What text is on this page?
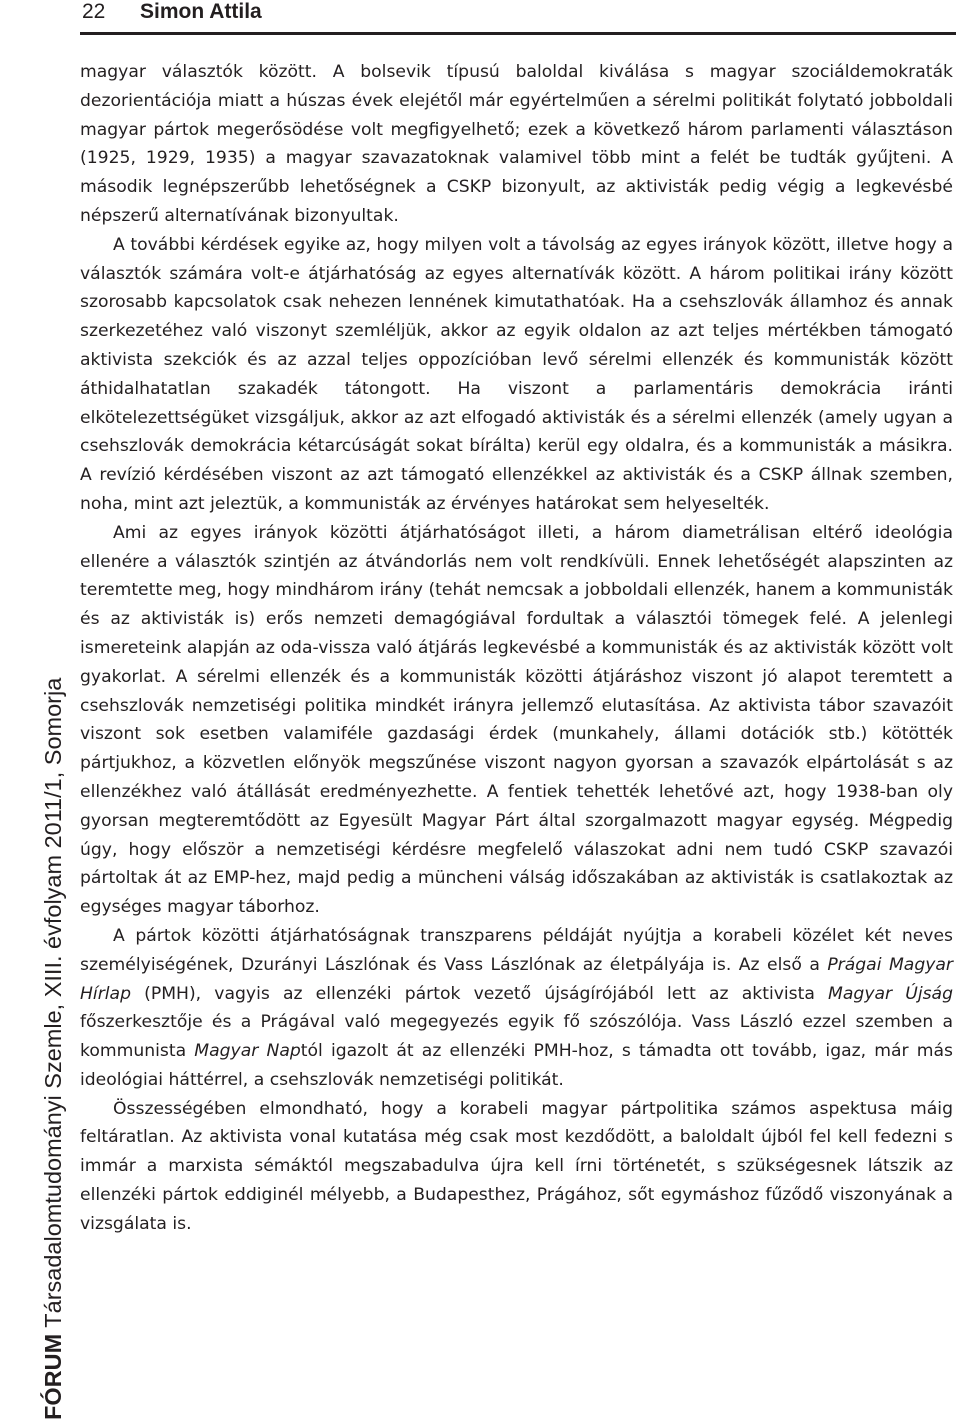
22 Simon Attila
FÓRUM Társadalomtudományi Szemle, XIII. évfolyam 2011/1, Somorja

magyar választók között. A bolsevik típusú baloldal kiválása s magyar szociáldemokraták dezorientációja miatt a húszas évek elejétől már egyértelműen a sérelmi politikát folytató jobboldali magyar pártok megerősödése volt megfigyelhető; ezek a következő három parlamenti választáson (1925, 1929, 1935) a magyar szavazatoknak valamivel több mint a felét be tudták gyűjteni. A második legnépszerűbb lehetőségnek a CSKP bizonyult, az aktivisták pedig végig a legkevésbé népszerű alternatívának bizonyultak.

A további kérdések egyike az, hogy milyen volt a távolság az egyes irányok között, illetve hogy a választók számára volt-e átjárhatóság az egyes alternatívák között. A három politikai irány között szorosabb kapcsolatok csak nehezen lennének kimutathatóak. Ha a csehszlovák államhoz és annak szerkezetéhez való viszonyt szemléljük, akkor az egyik oldalon az azt teljes mértékben támogató aktivista szekciók és az azzal teljes oppozícióban levő sérelmi ellenzék és kommunisták között áthidalhatatlan szakadék tátongott. Ha viszont a parlamentáris demokrácia iránti elkötelezettségüket vizsgáljuk, akkor az azt elfogadó aktivisták és a sérelmi ellenzék (amely ugyan a csehszlovák demokrácia kétarcúságát sokat bírálta) kerül egy oldalra, és a kommunisták a másikra. A revízió kérdésében viszont az azt támogató ellenzékkel az aktivisták és a CSKP állnak szemben, noha, mint azt jeleztük, a kommunisták az érvényes határokat sem helyeselték.

Ami az egyes irányok közötti átjárhatóságot illeti, a három diametrálisan eltérő ideológia ellenére a választók szintjén az átvándorlás nem volt rendkívüli. Ennek lehetőségét alapszinten az teremtette meg, hogy mindhárom irány (tehát nemcsak a jobboldali ellenzék, hanem a kommunisták és az aktivisták is) erős nemzeti demagógiával fordultak a választói tömegek felé. A jelenlegi ismereteink alapján az oda-vissza való átjárás legkevésbé a kommunisták és az aktivisták között volt gyakorlat. A sérelmi ellenzék és a kommunisták közötti átjáráshoz viszont jó alapot teremtett a csehszlovák nemzetiségi politika mindkét irányra jellemző elutasítása. Az aktivista tábor szavazóit viszont sok esetben valamiféle gazdasági érdek (munkahely, állami dotációk stb.) kötötték pártjukhoz, a közvetlen előnyök megszűnése viszont nagyon gyorsan a szavazók elpártolását s az ellenzékhez való átállását eredményezhette. A fentiek tehették lehetővé azt, hogy 1938-ban oly gyorsan megteremtődött az Egyesült Magyar Párt által szorgalmazott magyar egység. Mégpedig úgy, hogy először a nemzetiségi kérdésre megfelelő válaszokat adni nem tudó CSKP szavazói pártoltak át az EMP-hez, majd pedig a müncheni válság időszakában az aktivisták is csatlakoztak az egységes magyar táborhoz.

A pártok közötti átjárhatóságnak transzparens példáját nyújtja a korabeli közélet két neves személyiségének, Dzurányi Lászlónak és Vass Lászlónak az életpályája is. Az első a Prágai Magyar Hírlap (PMH), vagyis az ellenzéki pártok vezető újságírójából lett az aktivista Magyar Újság főszerkesztője és a Prágával való megegyezés egyik fő szószólója. Vass László ezzel szemben a kommunista Magyar Naptól igazolt át az ellenzéki PMH-hoz, s támadta ott tovább, igaz, már más ideológiai háttérrel, a csehszlovák nemzetiségi politikát.

Összességében elmondható, hogy a korabeli magyar pártpolitika számos aspektusa máig feltáratlan. Az aktivista vonal kutatása még csak most kezdődött, a baloldalt újból fel kell fedezni s immár a marxista sémáktól megszabadulva újra kell írni történetét, s szükségesnek látszik az ellenzéki pártok eddiginél mélyebb, a Budapesthez, Prágához, sőt egymáshoz fűződő viszonyának a vizsgálata is.
